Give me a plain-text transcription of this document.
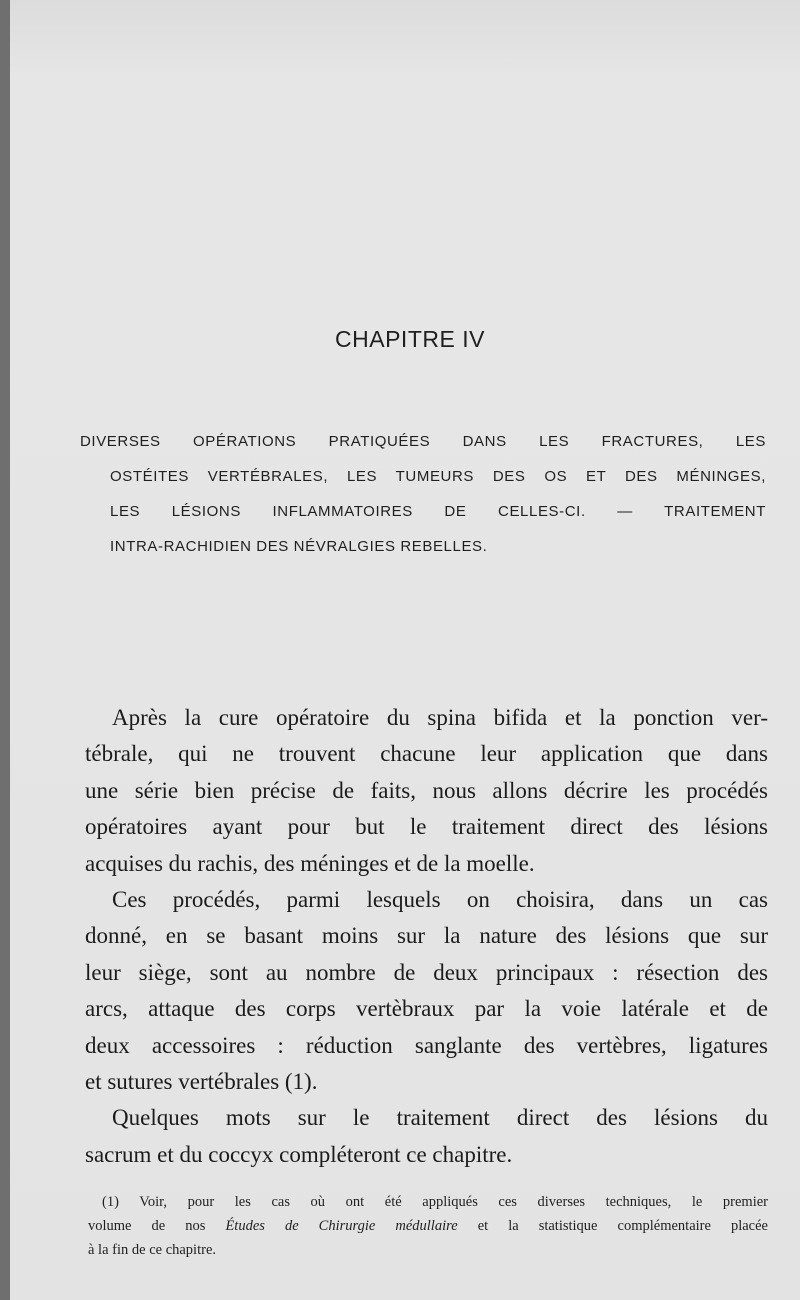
CHAPITRE IV
DIVERSES OPÉRATIONS PRATIQUÉES DANS LES FRACTURES, LES
OSTÉITES VERTÉBRALES, LES TUMEURS DES OS ET DES MÉNINGES,
LES LÉSIONS INFLAMMATOIRES DE CELLES-CI. — TRAITEMENT
INTRA-RACHIDIEN DES NÉVRALGIES REBELLES.

Après la cure opératoire du spina bifida et la ponction ver-
tébrale, qui ne trouvent chacune leur application que dans
une série bien précise de faits, nous allons décrire les procédés
opératoires ayant pour but le traitement direct des lésions
acquises du rachis, des méninges et de la moelle.

Ces procédés, parmi lesquels on choisira, dans un cas
donné, en se basant moins sur la nature des lésions que sur
leur siège, sont au nombre de deux principaux : résection des
arcs, attaque des corps vertèbraux par la voie latérale et de
deux accessoires : réduction sanglante des vertèbres, ligatures
et sutures vertébrales (1).

Quelques mots sur le traitement direct des lésions du
sacrum et du coccyx compléteront ce chapitre.

(1) Voir, pour les cas où ont été appliqués ces diverses techniques, le premier
volume de nos Études de Chirurgie médullaire et la statistique complémentaire placée
à la fin de ce chapitre.
